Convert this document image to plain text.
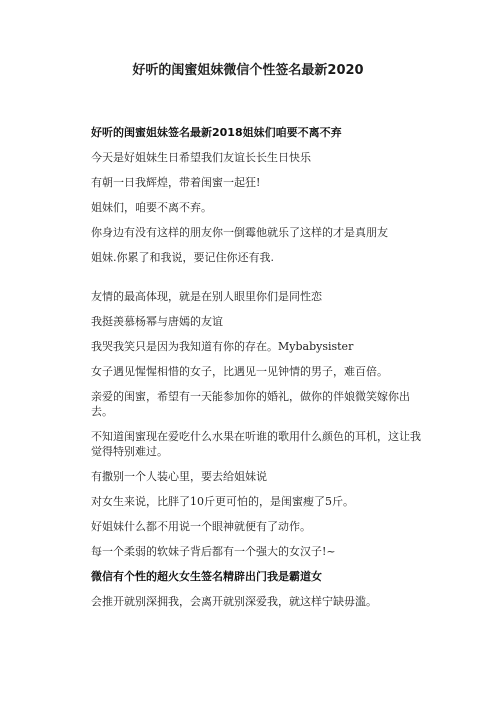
好听的闺蜜姐妹微信个性签名最新2020

好听的闺蜜姐妹签名最新2018姐妹们咱要不离不弃

今天是好姐妹生日希望我们友谊长长生日快乐

有朝一日我辉煌，带着闺蜜一起狂!

姐妹们，咱要不离不弃。

你身边有没有这样的朋友你一倒霉他就乐了这样的才是真朋友

姐妹.你累了和我说，要记住你还有我.

友情的最高体现，就是在别人眼里你们是同性恋

我挺羡慕杨幂与唐嫣的友谊

我哭我笑只是因为我知道有你的存在。Mybabysister

女子遇见惺惺相惜的女子，比遇见一见钟情的男子，难百倍。

亲爱的闺蜜，希望有一天能参加你的婚礼，做你的伴娘微笑嫁你出去。

不知道闺蜜现在爱吃什么水果在听谁的歌用什么颜色的耳机，这让我觉得特别难过。

有撒别一个人装心里，要去给姐妹说

对女生来说，比胖了10斤更可怕的，是闺蜜瘦了5斤。

好姐妹什么都不用说一个眼神就便有了动作。

每一个柔弱的软妹子背后都有一个强大的女汉子!~

微信有个性的超火女生签名精辟出门我是霸道女

会推开就别深拥我，会离开就别深爱我，就这样宁缺毋滥。
